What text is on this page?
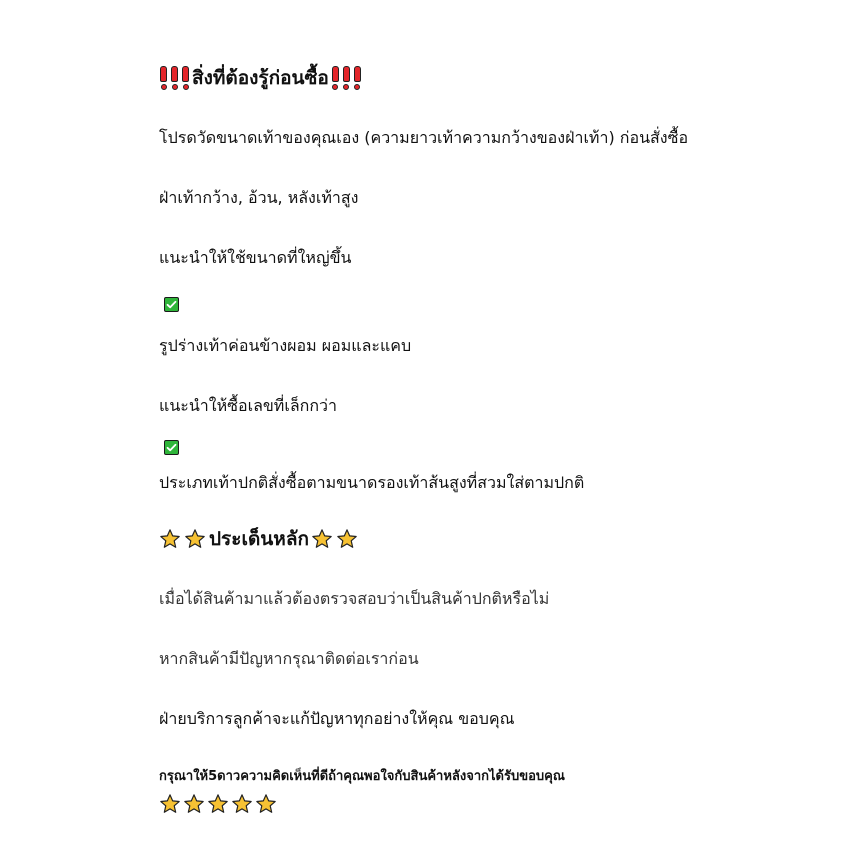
สิ่งที่ต้องรู้ก่อนซื้อ
โปรดวัดขนาดเท้าของคุณเอง (ความยาวเท้าความกว้างของฝ่าเท้า) ก่อนสั่งซื้อ
ฝ่าเท้ากว้าง, อ้วน, หลังเท้าสูง
แนะนำให้ใช้ขนาดที่ใหญ่ขึ้น
รูปร่างเท้าค่อนข้างผอม ผอมและแคบ
แนะนำให้ซื้อเลขที่เล็กกว่า
ประเภทเท้าปกติสั่งซื้อตามขนาดรองเท้าส้นสูงที่สวมใส่ตามปกติ
ประเด็นหลัก
เมื่อได้สินค้ามาแล้วต้องตรวจสอบว่าเป็นสินค้าปกติหรือไม่
หากสินค้ามีปัญหากรุณาติดต่อเราก่อน
ฝ่ายบริการลูกค้าจะแก้ปัญหาทุกอย่างให้คุณ ขอบคุณ
กรุณาให้5ดาวความคิดเห็นที่ดีถ้าคุณพอใจกับสินค้าหลังจากได้รับขอบคุณ
